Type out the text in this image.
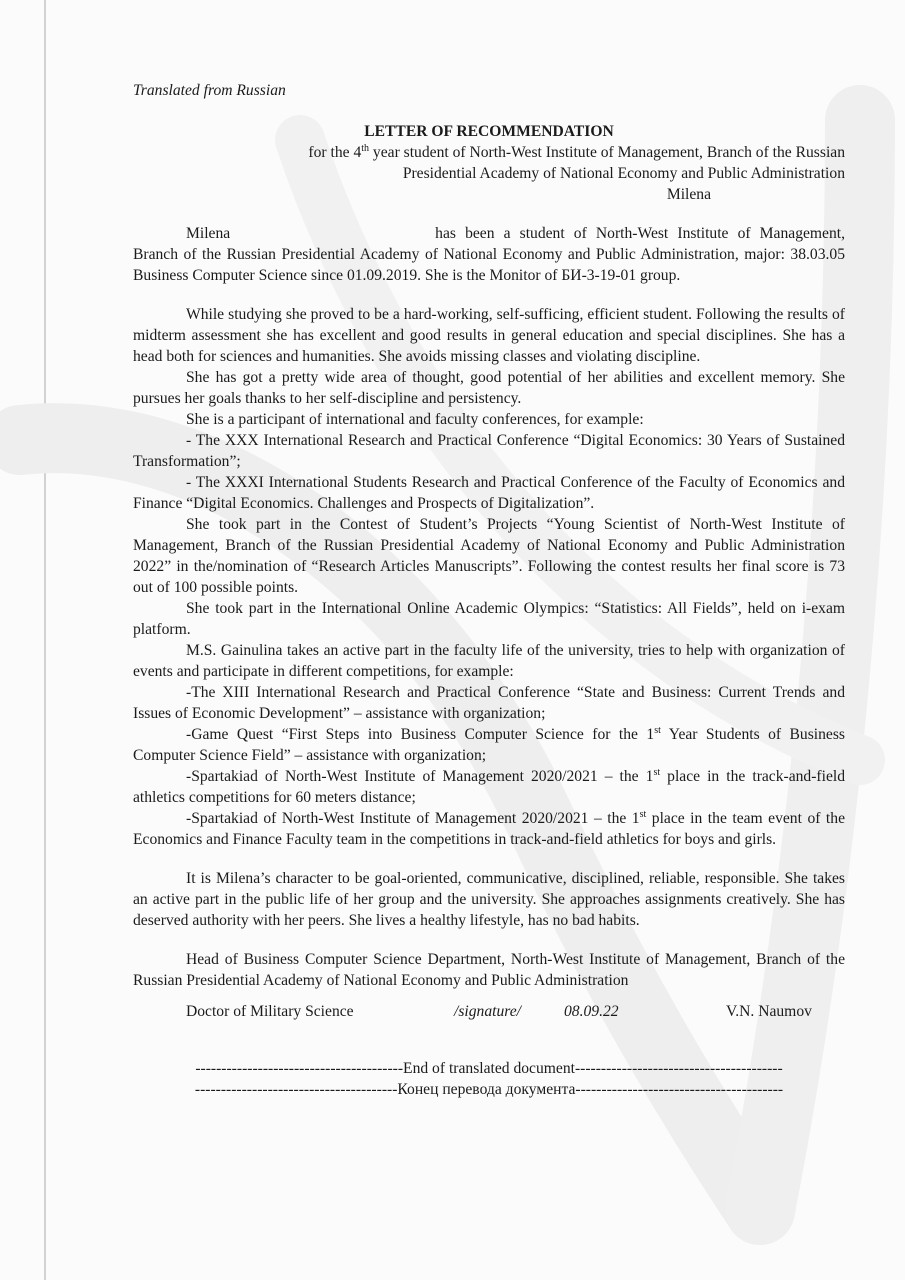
Translated from Russian

LETTER OF RECOMMENDATION

for the 4th year student of North-West Institute of Management, Branch of the Russian

Presidential Academy of National Economy and Public Administration

Milena

Milena	has been a student of North-West Institute of Management, Branch of the Russian Presidential Academy of National Economy and Public Administration, major: 38.03.05 Business Computer Science since 01.09.2019. She is the Monitor of БИ-3-19-01 group.

While studying she proved to be a hard-working, self-sufficing, efficient student. Following the results of midterm assessment she has excellent and good results in general education and special disciplines. She has a head both for sciences and humanities. She avoids missing classes and violating discipline.

She has got a pretty wide area of thought, good potential of her abilities and excellent memory. She pursues her goals thanks to her self-discipline and persistency.

She is a participant of international and faculty conferences, for example:

- The XXX International Research and Practical Conference “Digital Economics: 30 Years of Sustained Transformation”;

- The XXXI International Students Research and Practical Conference of the Faculty of Economics and Finance “Digital Economics. Challenges and Prospects of Digitalization”.

She took part in the Contest of Student’s Projects “Young Scientist of North-West Institute of Management, Branch of the Russian Presidential Academy of National Economy and Public Administration 2022” in the/nomination of “Research Articles Manuscripts”. Following the contest results her final score is 73 out of 100 possible points.

She took part in the International Online Academic Olympics: “Statistics: All Fields”, held on i-exam platform.

M.S. Gainulina takes an active part in the faculty life of the university, tries to help with organization of events and participate in different competitions, for example:

-The XIII International Research and Practical Conference “State and Business: Current Trends and Issues of Economic Development” – assistance with organization;

-Game Quest “First Steps into Business Computer Science for the 1st Year Students of Business Computer Science Field” – assistance with organization;

-Spartakiad of North-West Institute of Management 2020/2021 – the 1st place in the track-and-field athletics competitions for 60 meters distance;

-Spartakiad of North-West Institute of Management 2020/2021 – the 1st place in the team event of the Economics and Finance Faculty team in the competitions in track-and-field athletics for boys and girls.

It is Milena’s character to be goal-oriented, communicative, disciplined, reliable, responsible. She takes an active part in the public life of her group and the university. She approaches assignments creatively. She has deserved authority with her peers. She lives a healthy lifestyle, has no bad habits.

Head of Business Computer Science Department, North-West Institute of Management, Branch of the Russian Presidential Academy of National Economy and Public Administration

Doctor of Military Science	/signature/	08.09.22	V.N. Naumov

----------------------------------------End of translated document----------------------------------------

---------------------------------------Конец перевода документа----------------------------------------
